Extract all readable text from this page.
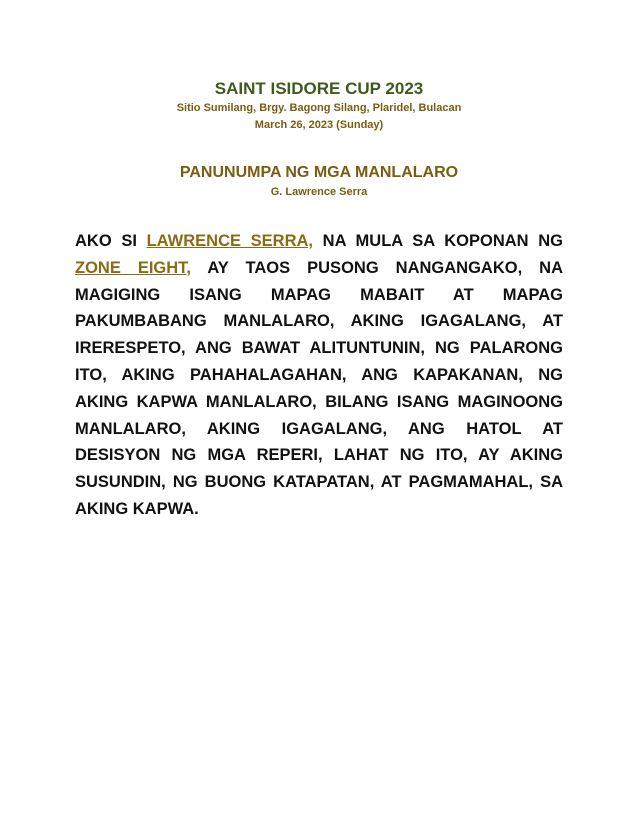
SAINT ISIDORE CUP 2023

Sitio Sumilang, Brgy. Bagong Silang, Plaridel, Bulacan

March 26, 2023 (Sunday)

PANUNUMPA NG MGA MANLALARO

G. Lawrence Serra

AKO SI LAWRENCE SERRA, NA MULA SA KOPONAN NG ZONE EIGHT, AY TAOS PUSONG NANGANGAKO, NA MAGIGING ISANG MAPAG MABAIT AT MAPAG PAKUMBABANG MANLALARO, AKING IGAGALANG, AT IRERESPETO, ANG BAWAT ALITUNTUNIN, NG PALARONG ITO, AKING PAHAHALAGAHAN, ANG KAPAKANAN, NG AKING KAPWA MANLALARO, BILANG ISANG MAGINOONG MANLALARO, AKING IGAGALANG, ANG HATOL AT DESISYON NG MGA REPERI, LAHAT NG ITO, AY AKING SUSUNDIN, NG BUONG KATAPATAN, AT PAGMAMAHAL, SA AKING KAPWA.
